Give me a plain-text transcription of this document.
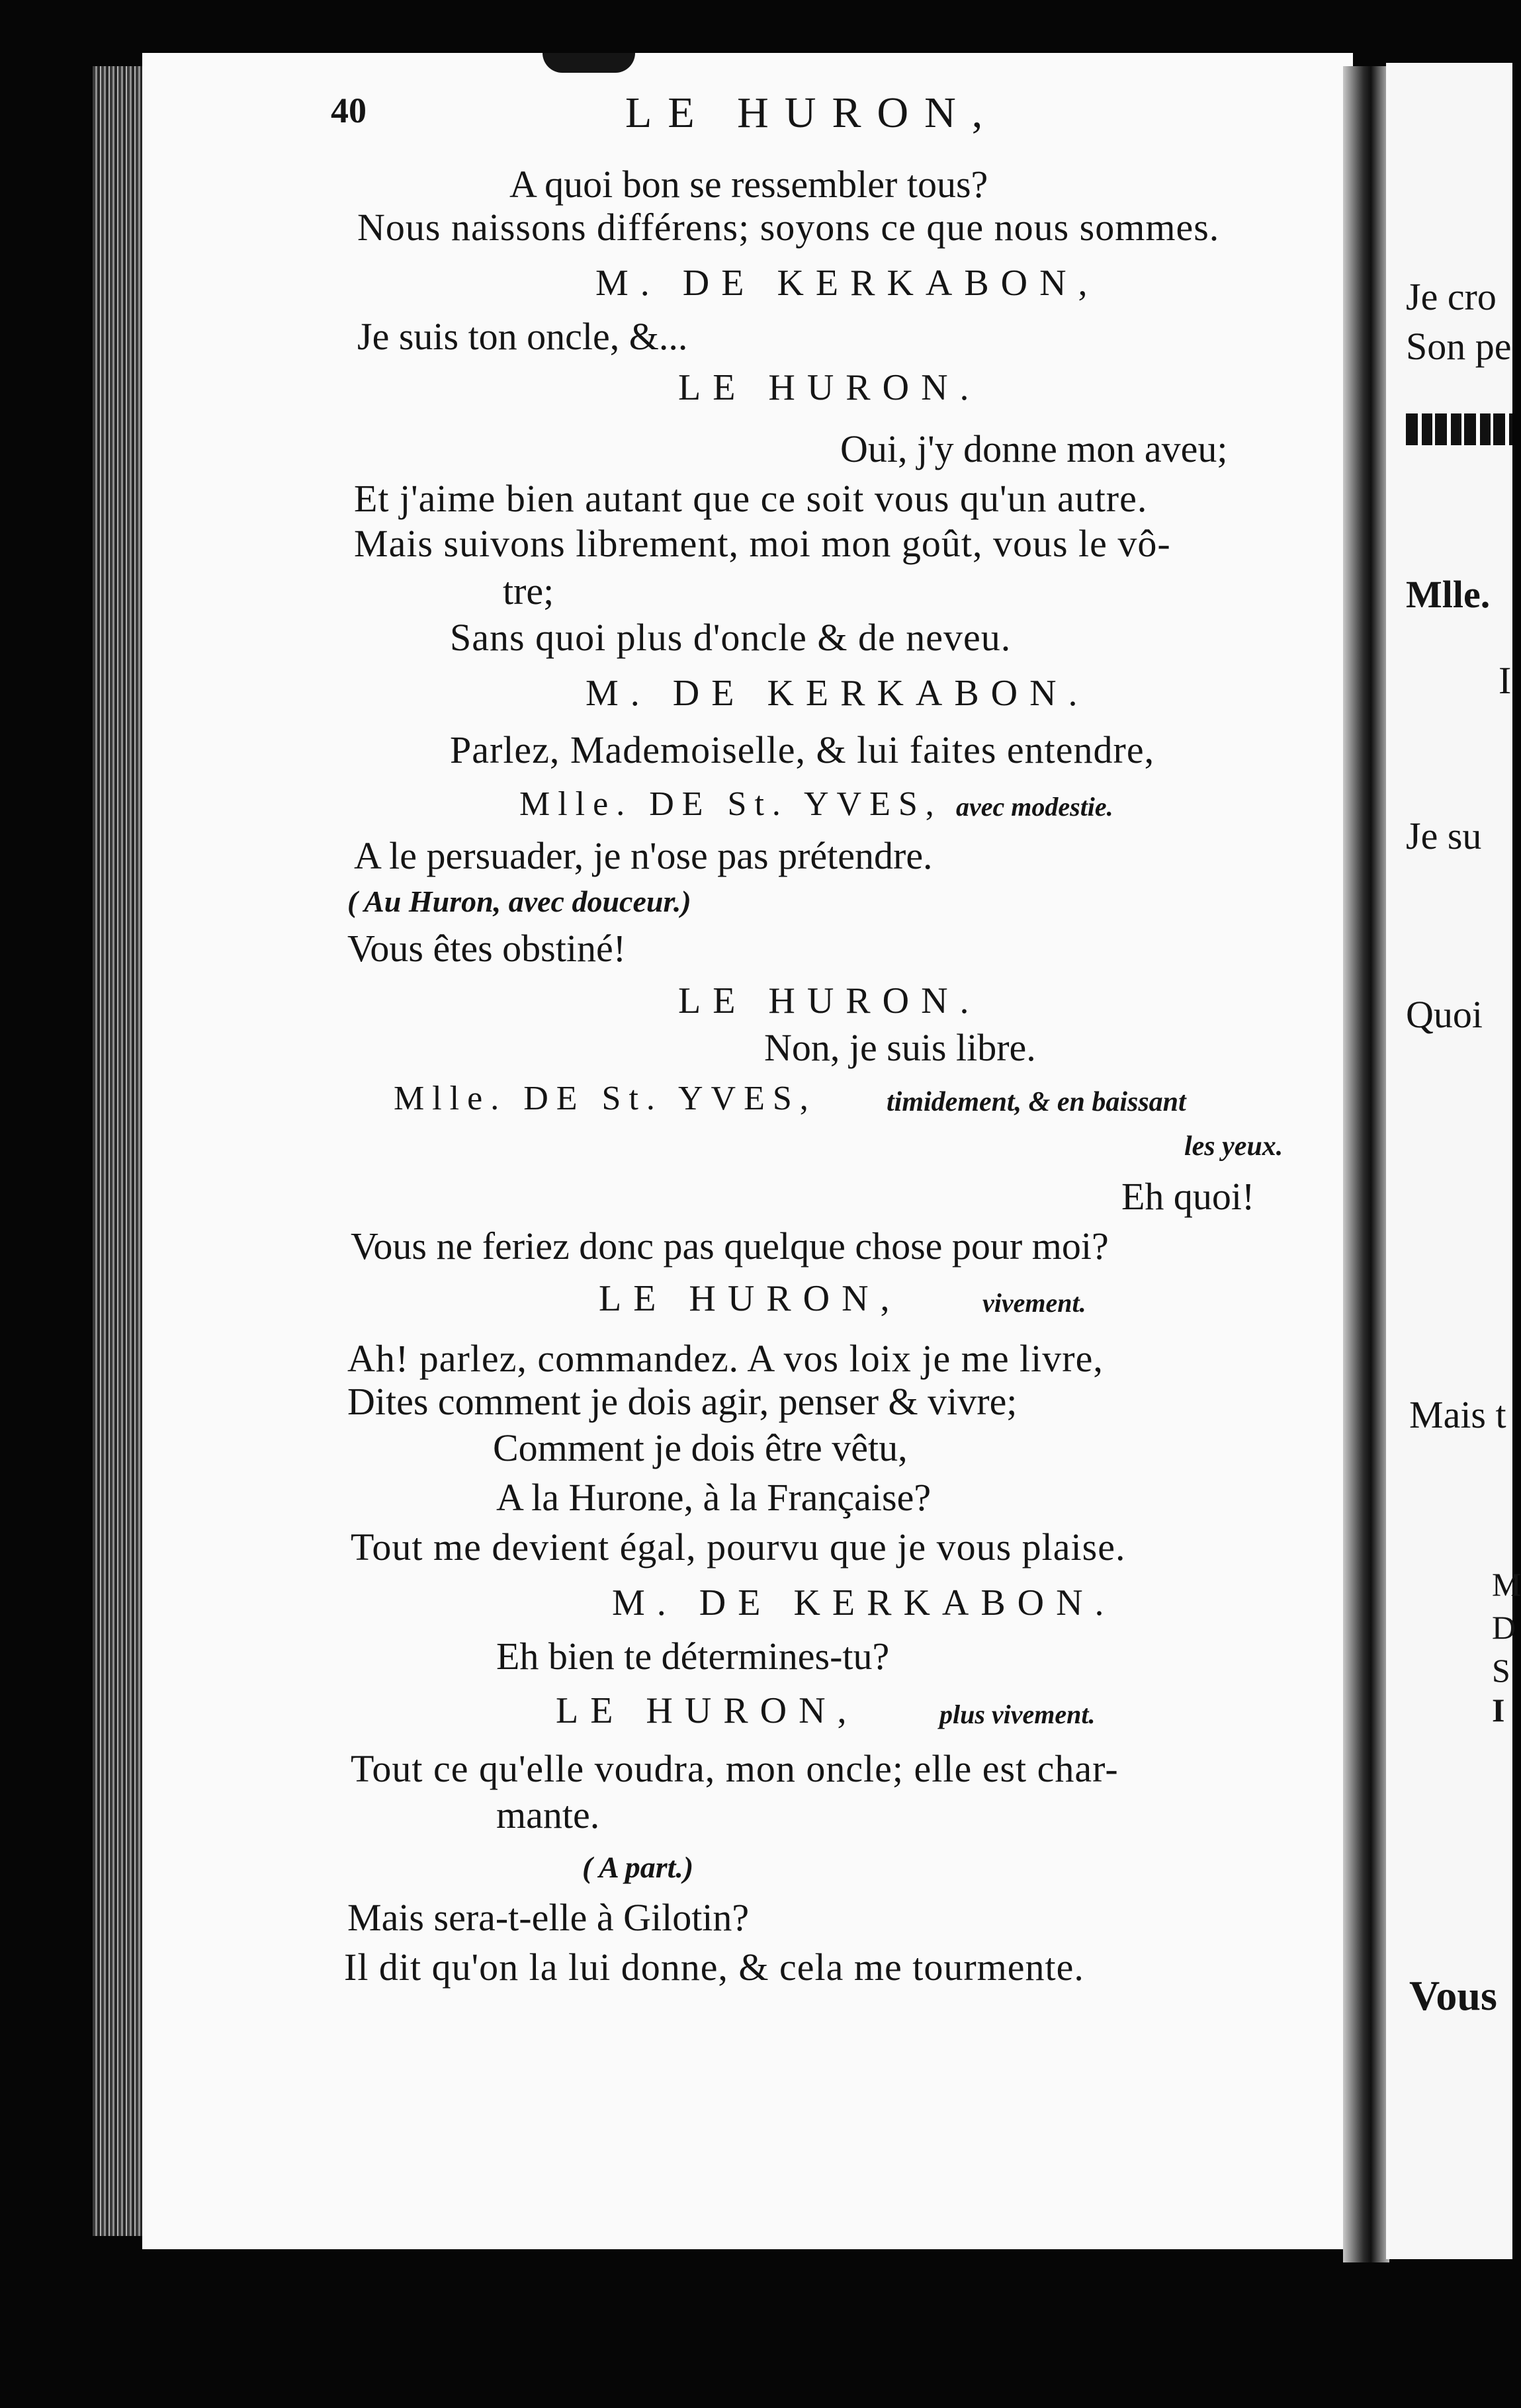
40	LE HURON,
A quoi bon se ressembler tous?
Nous naissons différens; soyons ce que nous sommes.
M. DE KERKABON,
Je suis ton oncle, &...
LE HURON.
Oui, j'y donne mon aveu;
Et j'aime bien autant que ce soit vous qu'un autre.
Mais suivons librement, moi mon goût, vous le vô-
tre;
Sans quoi plus d'oncle & de neveu.
M. DE KERKABON.
Parlez, Mademoiselle, & lui faites entendre,
Mlle. DE St. YVES, avec modestie.
A le persuader, je n'ose pas prétendre.
( Au Huron, avec douceur.)
Vous êtes obstiné!
LE HURON.
Non, je suis libre.
Mlle. DE St. YVES,	timidement, & en baissant
les yeux.
Eh quoi!
Vous ne feriez donc pas quelque chose pour moi?
LE HURON,	vivement.
Ah! parlez, commandez. A vos loix je me livre,
Dites comment je dois agir, penser & vivre;
Comment je dois être vêtu,
A la Hurone, à la Française?
Tout me devient égal, pourvu que je vous plaise.
M. DE KERKABON.
Eh bien te détermines-tu?
LE HURON,	plus vivement.
Tout ce qu'elle voudra, mon oncle; elle est char-
mante.
( A part.)
Mais sera-t-elle à Gilotin?
Il dit qu'on la lui donne, & cela me tourmente.
Je cro
Son pe
Mlle.
I
Je su
Quoi
Mais t
M
D
S
I
Vous
